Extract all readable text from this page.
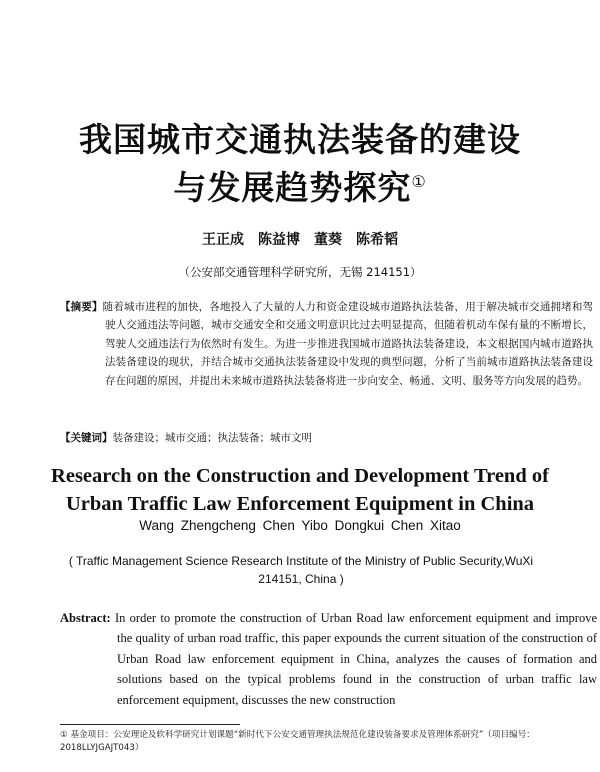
我国城市交通执法装备的建设
与发展趋势探究①
王正成　陈益博　董葵　陈希韬
（公安部交通管理科学研究所，无锡 214151）
【摘要】随着城市进程的加快，各地投入了大量的人力和资金建设城市道路执法装备，用于解决城市交通拥堵和驾驶人交通违法等问题，城市交通安全和交通文明意识比过去明显提高，但随着机动车保有量的不断增长，驾驶人交通违法行为依然时有发生。为进一步推进我国城市道路执法装备建设，本文根据国内城市道路执法装备建设的现状，并结合城市交通执法装备建设中发现的典型问题，分析了当前城市道路执法装备建设存在问题的原因，并提出未来城市道路执法装备将进一步向安全、畅通、文明、服务等方向发展的趋势。
【关键词】装备建设；城市交通；执法装备；城市文明
Research on the Construction and Development Trend of Urban Traffic Law Enforcement Equipment in China
Wang Zhengcheng Chen Yibo Dongkui Chen Xitao
( Traffic Management Science Research Institute of the Ministry of Public Security,WuXi 214151, China )
Abstract: In order to promote the construction of Urban Road law enforcement equipment and improve the quality of urban road traffic, this paper expounds the current situation of the construction of Urban Road law enforcement equipment in China, analyzes the causes of formation and solutions based on the typical problems found in the construction of urban traffic law enforcement equipment, discusses the new construction
① 基金项目：公安理论及软科学研究计划课题“新时代下公安交通管理执法规范化建设装备要求及管理体系研究”（项目编号：2018LLYJGAJT043）
